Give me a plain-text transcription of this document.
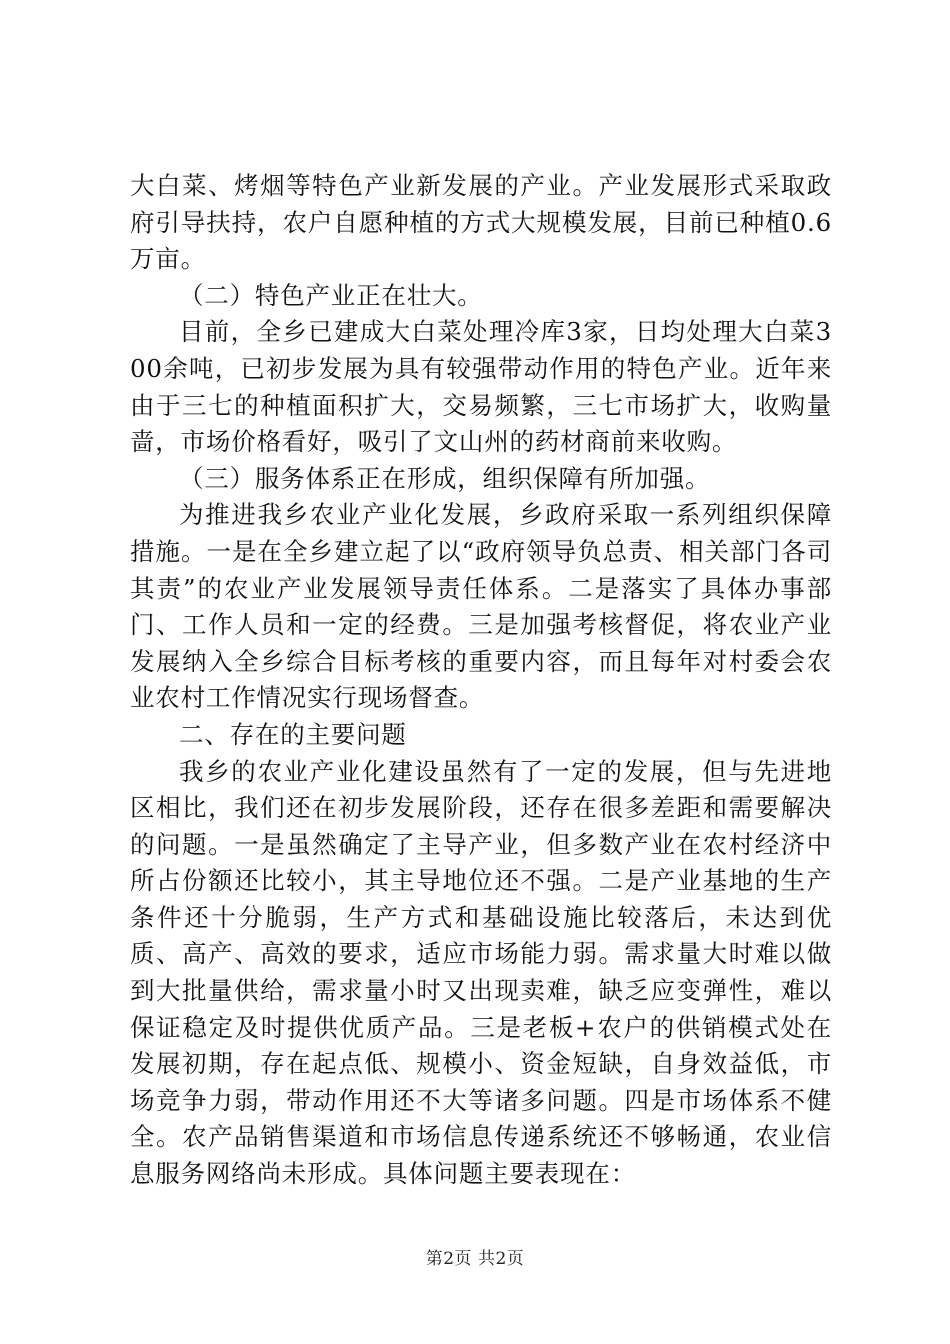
大白菜、烤烟等特色产业新发展的产业。产业发展形式采取政府引导扶持，农户自愿种植的方式大规模发展，目前已种植0.6万亩。

（二）特色产业正在壮大。

目前，全乡已建成大白菜处理冷库3家，日均处理大白菜300余吨，已初步发展为具有较强带动作用的特色产业。近年来由于三七的种植面积扩大，交易频繁，三七市场扩大，收购量啬，市场价格看好，吸引了文山州的药材商前来收购。

（三）服务体系正在形成，组织保障有所加强。

为推进我乡农业产业化发展，乡政府采取一系列组织保障措施。一是在全乡建立起了以“政府领导负总责、相关部门各司其责”的农业产业发展领导责任体系。二是落实了具体办事部门、工作人员和一定的经费。三是加强考核督促，将农业产业发展纳入全乡综合目标考核的重要内容，而且每年对村委会农业农村工作情况实行现场督查。

二、存在的主要问题

我乡的农业产业化建设虽然有了一定的发展，但与先进地区相比，我们还在初步发展阶段，还存在很多差距和需要解决的问题。一是虽然确定了主导产业，但多数产业在农村经济中所占份额还比较小，其主导地位还不强。二是产业基地的生产条件还十分脆弱，生产方式和基础设施比较落后，未达到优质、高产、高效的要求，适应市场能力弱。需求量大时难以做到大批量供给，需求量小时又出现卖难，缺乏应变弹性，难以保证稳定及时提供优质产品。三是老板+农户的供销模式处在发展初期，存在起点低、规模小、资金短缺，自身效益低，市场竞争力弱，带动作用还不大等诸多问题。四是市场体系不健全。农产品销售渠道和市场信息传递系统还不够畅通，农业信息服务网络尚未形成。具体问题主要表现在：

第2页 共2页
